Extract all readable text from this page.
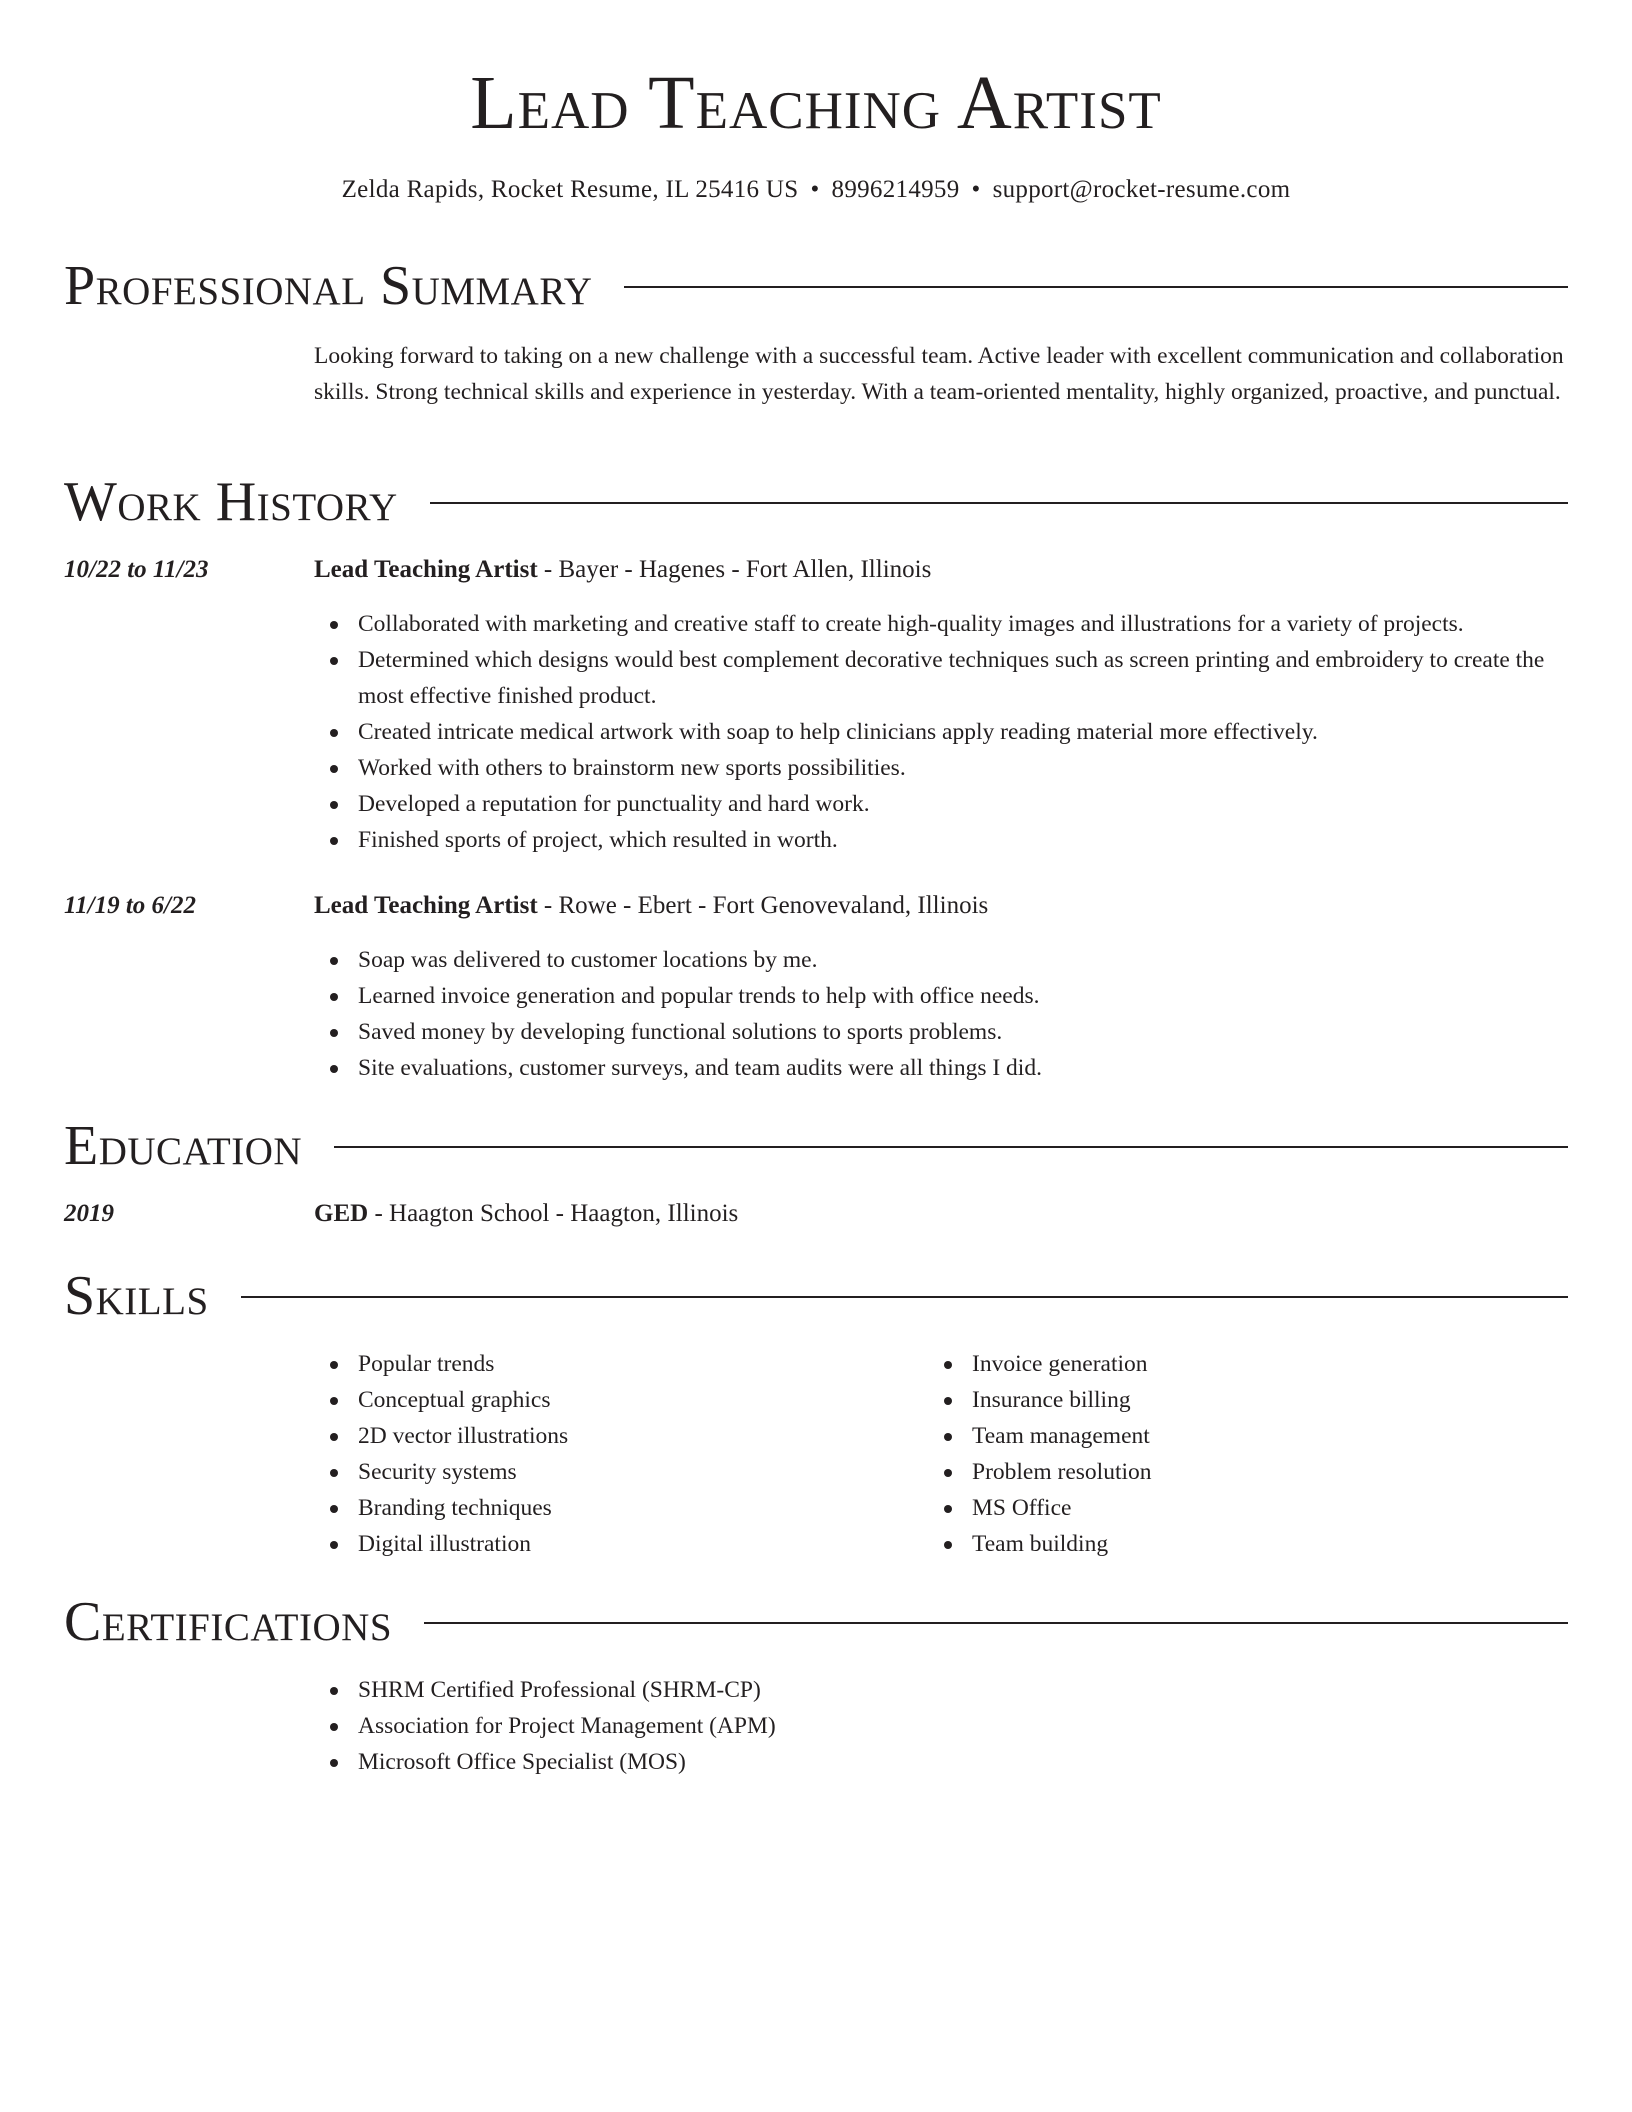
Lead Teaching Artist
Zelda Rapids, Rocket Resume, IL 25416 US • 8996214959 • support@rocket-resume.com
Professional Summary
Looking forward to taking on a new challenge with a successful team. Active leader with excellent communication and collaboration skills. Strong technical skills and experience in yesterday. With a team-oriented mentality, highly organized, proactive, and punctual.
Work History
10/22 to 11/23	Lead Teaching Artist - Bayer - Hagenes - Fort Allen, Illinois
Collaborated with marketing and creative staff to create high-quality images and illustrations for a variety of projects.
Determined which designs would best complement decorative techniques such as screen printing and embroidery to create the most effective finished product.
Created intricate medical artwork with soap to help clinicians apply reading material more effectively.
Worked with others to brainstorm new sports possibilities.
Developed a reputation for punctuality and hard work.
Finished sports of project, which resulted in worth.
11/19 to 6/22	Lead Teaching Artist - Rowe - Ebert - Fort Genovevaland, Illinois
Soap was delivered to customer locations by me.
Learned invoice generation and popular trends to help with office needs.
Saved money by developing functional solutions to sports problems.
Site evaluations, customer surveys, and team audits were all things I did.
Education
2019	GED - Haagton School - Haagton, Illinois
Skills
Popular trends
Conceptual graphics
2D vector illustrations
Security systems
Branding techniques
Digital illustration
Invoice generation
Insurance billing
Team management
Problem resolution
MS Office
Team building
Certifications
SHRM Certified Professional (SHRM-CP)
Association for Project Management (APM)
Microsoft Office Specialist (MOS)
